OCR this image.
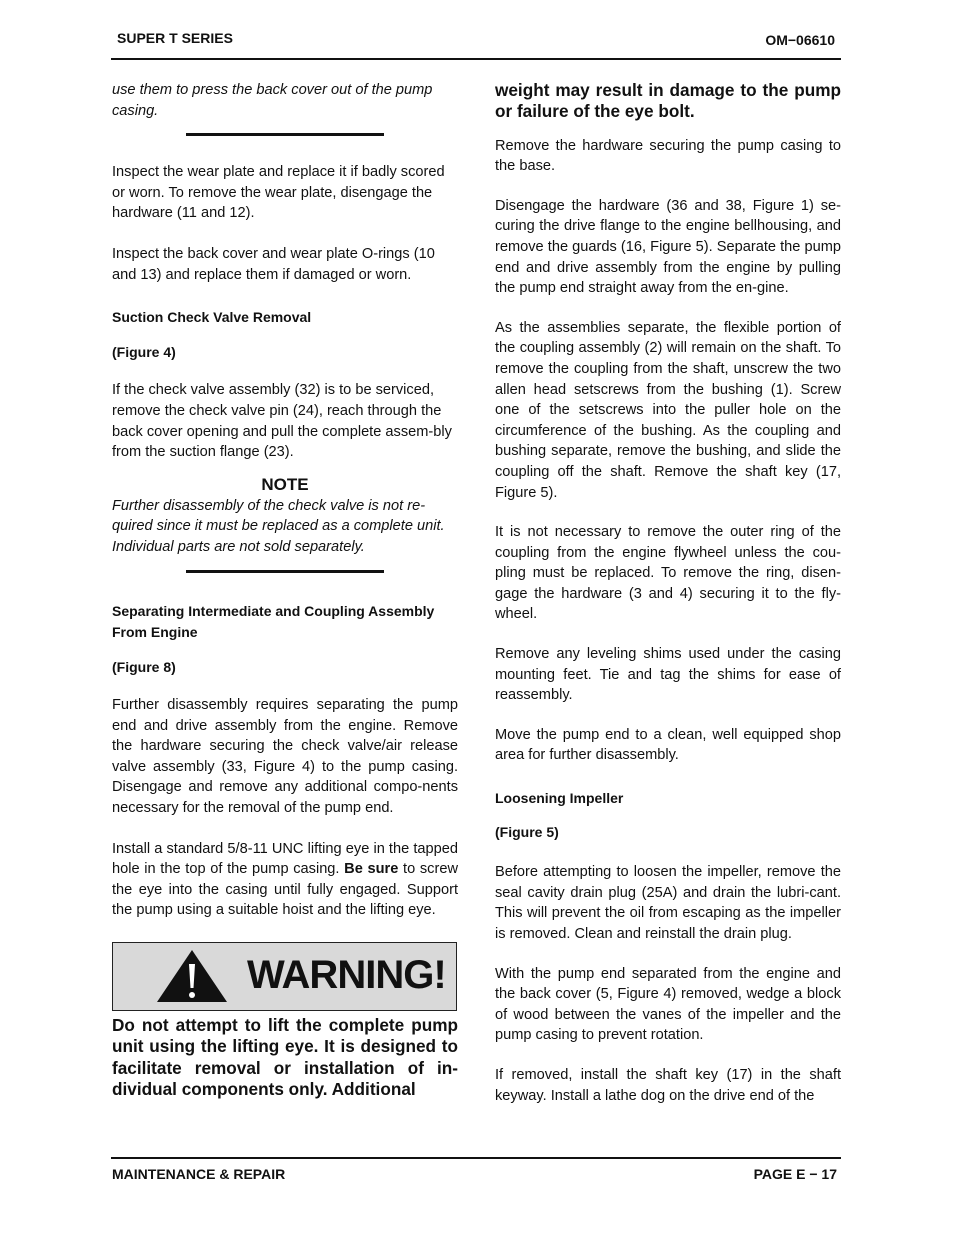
SUPER T SERIES	OM−06610

use them to press the back cover out of the pump casing.

Inspect the wear plate and replace it if badly scored or worn. To remove the wear plate, disengage the hardware (11 and 12).

Inspect the back cover and wear plate O-rings (10 and 13) and replace them if damaged or worn.

Suction Check Valve Removal

(Figure 4)

If the check valve assembly (32) is to be serviced, remove the check valve pin (24), reach through the back cover opening and pull the complete assem-bly from the suction flange (23).

NOTE

Further disassembly of the check valve is not re-quired since it must be replaced as a complete unit. Individual parts are not sold separately.

Separating Intermediate and Coupling Assembly From Engine

(Figure 8)

Further disassembly requires separating the pump end and drive assembly from the engine. Remove the hardware securing the check valve/air release valve assembly (33, Figure 4) to the pump casing. Disengage and remove any additional compo-nents necessary for the removal of the pump end.

Install a standard 5/8-11 UNC lifting eye in the tapped hole in the top of the pump casing. Be sure to screw the eye into the casing until fully engaged. Support the pump using a suitable hoist and the lifting eye.

WARNING!

Do not attempt to lift the complete pump unit using the lifting eye. It is designed to facilitate removal or installation of in-dividual components only. Additional

weight may result in damage to the pump or failure of the eye bolt.

Remove the hardware securing the pump casing to the base.

Disengage the hardware (36 and 38, Figure 1) se-curing the drive flange to the engine bellhousing, and remove the guards (16, Figure 5). Separate the pump end and drive assembly from the engine by pulling the pump end straight away from the en-gine.

As the assemblies separate, the flexible portion of the coupling assembly (2) will remain on the shaft. To remove the coupling from the shaft, unscrew the two allen head setscrews from the bushing (1). Screw one of the setscrews into the puller hole on the circumference of the bushing. As the coupling and bushing separate, remove the bushing, and slide the coupling off the shaft. Remove the shaft key (17, Figure 5).

It is not necessary to remove the outer ring of the coupling from the engine flywheel unless the cou-pling must be replaced. To remove the ring, disen-gage the hardware (3 and 4) securing it to the fly-wheel.

Remove any leveling shims used under the casing mounting feet. Tie and tag the shims for ease of reassembly.

Move the pump end to a clean, well equipped shop area for further disassembly.

Loosening Impeller

(Figure 5)

Before attempting to loosen the impeller, remove the seal cavity drain plug (25A) and drain the lubri-cant. This will prevent the oil from escaping as the impeller is removed. Clean and reinstall the drain plug.

With the pump end separated from the engine and the back cover (5, Figure 4) removed, wedge a block of wood between the vanes of the impeller and the pump casing to prevent rotation.

If removed, install the shaft key (17) in the shaft keyway. Install a lathe dog on the drive end of the

MAINTENANCE & REPAIR	PAGE E − 17
